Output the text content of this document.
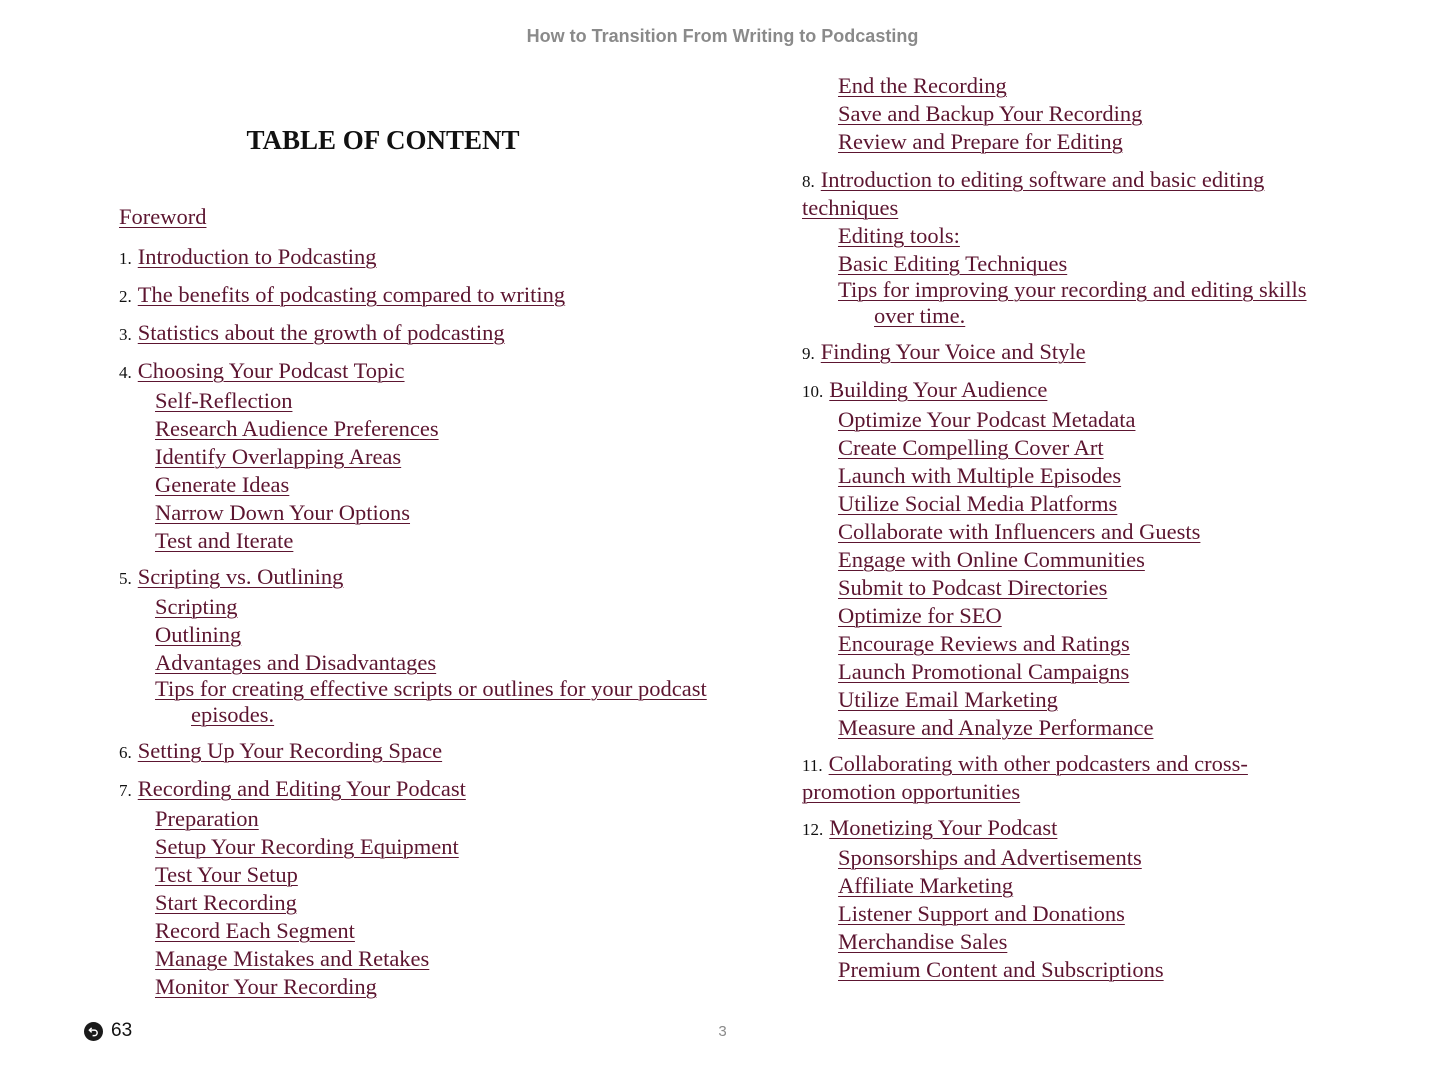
How to Transition From Writing to Podcasting
TABLE OF CONTENT

Foreword

1. Introduction to Podcasting

2. The benefits of podcasting compared to writing

3. Statistics about the growth of podcasting

4. Choosing Your Podcast Topic

Self-Reflection

Research Audience Preferences

Identify Overlapping Areas

Generate Ideas

Narrow Down Your Options

Test and Iterate

5. Scripting vs. Outlining

Scripting

Outlining

Advantages and Disadvantages

Tips for creating effective scripts or outlines for your podcast episodes.

6. Setting Up Your Recording Space

7. Recording and Editing Your Podcast

Preparation

Setup Your Recording Equipment

Test Your Setup

Start Recording

Record Each Segment

Manage Mistakes and Retakes

Monitor Your Recording

End the Recording

Save and Backup Your Recording

Review and Prepare for Editing

8. Introduction to editing software and basic editing techniques

Editing tools:

Basic Editing Techniques

Tips for improving your recording and editing skills over time.

9. Finding Your Voice and Style

10. Building Your Audience

Optimize Your Podcast Metadata

Create Compelling Cover Art

Launch with Multiple Episodes

Utilize Social Media Platforms

Collaborate with Influencers and Guests

Engage with Online Communities

Submit to Podcast Directories

Optimize for SEO

Encourage Reviews and Ratings

Launch Promotional Campaigns

Utilize Email Marketing

Measure and Analyze Performance

11. Collaborating with other podcasters and cross-promotion opportunities

12. Monetizing Your Podcast

Sponsorships and Advertisements

Affiliate Marketing

Listener Support and Donations

Merchandise Sales

Premium Content and Subscriptions

63	3
